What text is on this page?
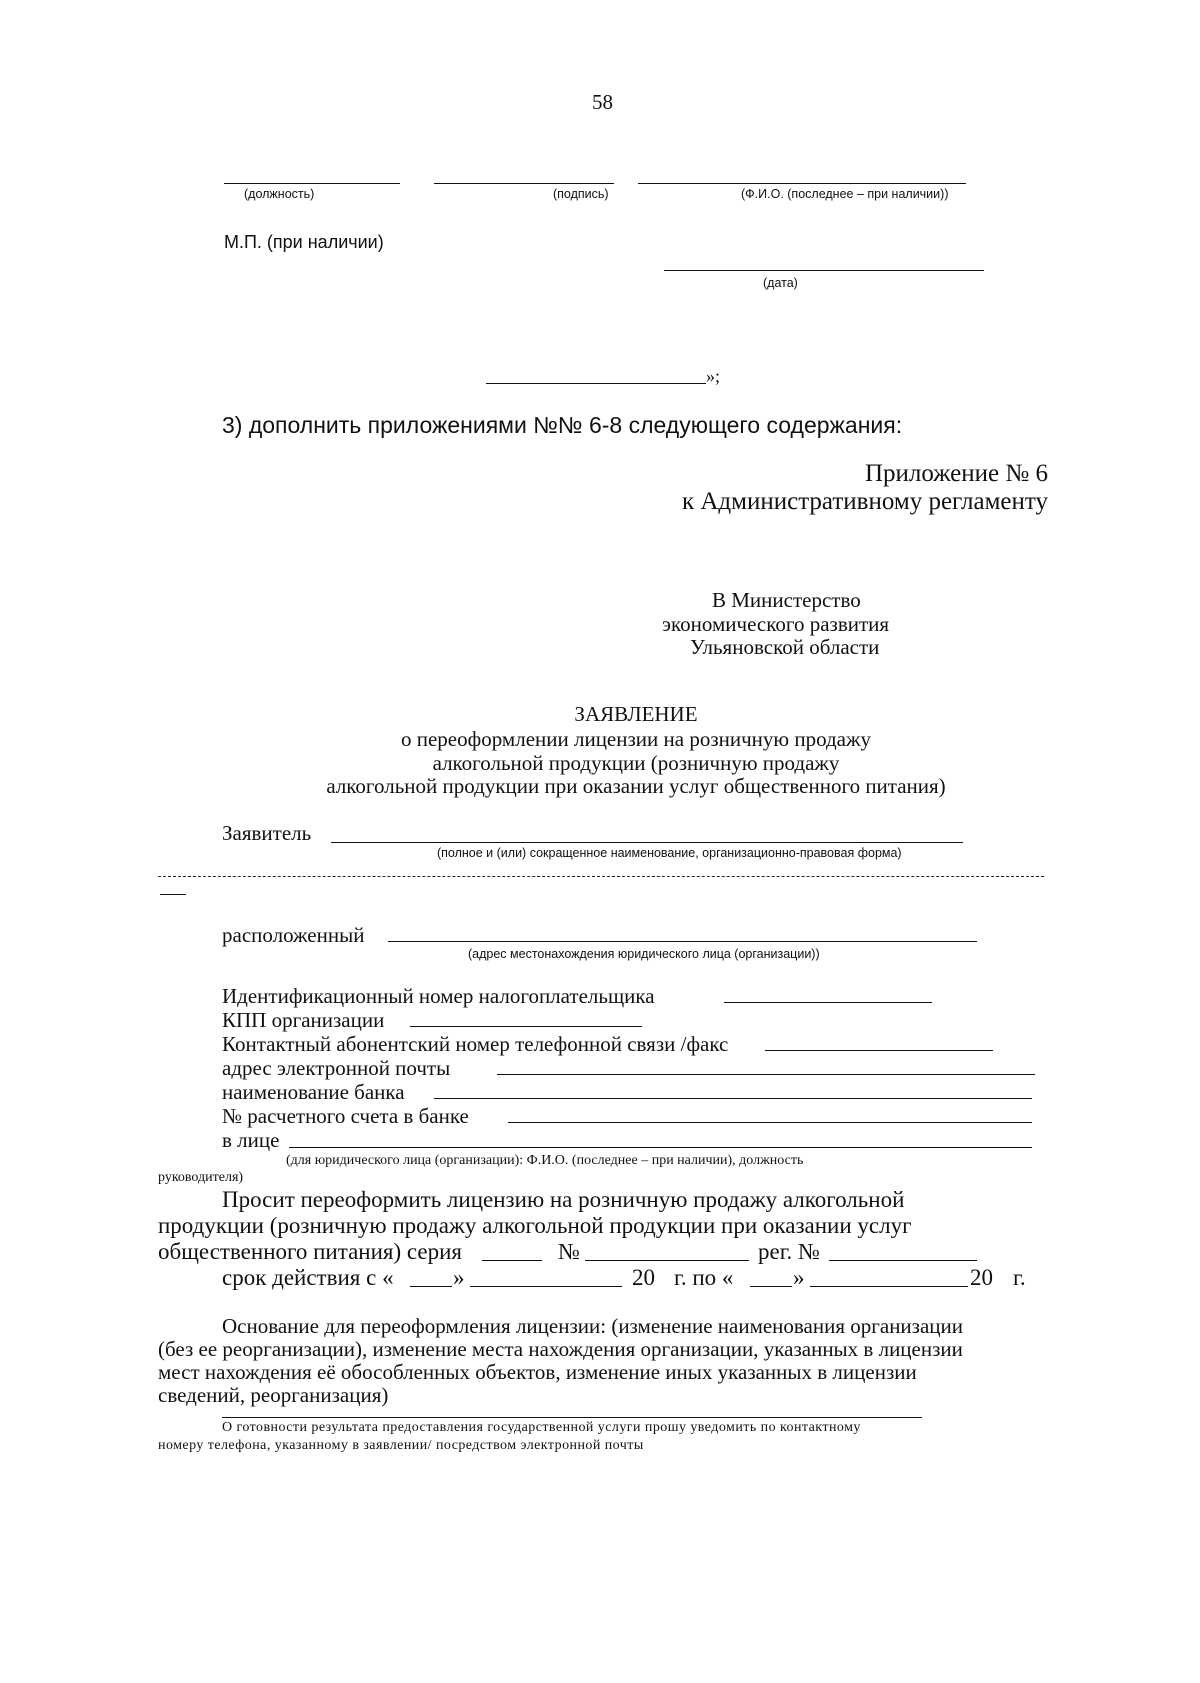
58
(должность)	(подпись)	(Ф.И.О. (последнее – при наличии))
М.П. (при наличии)
(дата)
»;
3) дополнить приложениями №№ 6-8 следующего содержания:
Приложение № 6
к Административному регламенту
В Министерство
экономического развития
Ульяновской области
ЗАЯВЛЕНИЕ
о переоформлении лицензии на розничную продажу
алкогольной продукции (розничную продажу
алкогольной продукции при оказании услуг общественного питания)
Заявитель
(полное и (или) сокращенное наименование, организационно-правовая форма)
расположенный
(адрес местонахождения юридического лица (организации))
Идентификационный номер налогоплательщика
КПП организации
Контактный абонентский номер телефонной связи /факс
адрес электронной почты
наименование банка
№ расчетного счета в банке
в лице
(для юридического лица (организации): Ф.И.О. (последнее – при наличии), должность
руководителя)
Просит переоформить лицензию на розничную продажу алкогольной
продукции (розничную продажу алкогольной продукции при оказании услуг
общественного питания) серия	№	рег. №
срок действия с «	»	20 г. по «	»	20 г.
Основание для переоформления лицензии: (изменение наименования организации
(без ее реорганизации), изменение места нахождения организации, указанных в лицензии
мест нахождения её обособленных объектов, изменение иных указанных в лицензии
сведений, реорганизация)
О готовности результата предоставления государственной услуги прошу уведомить по контактному
номеру телефона, указанному в заявлении/ посредством электронной почты
